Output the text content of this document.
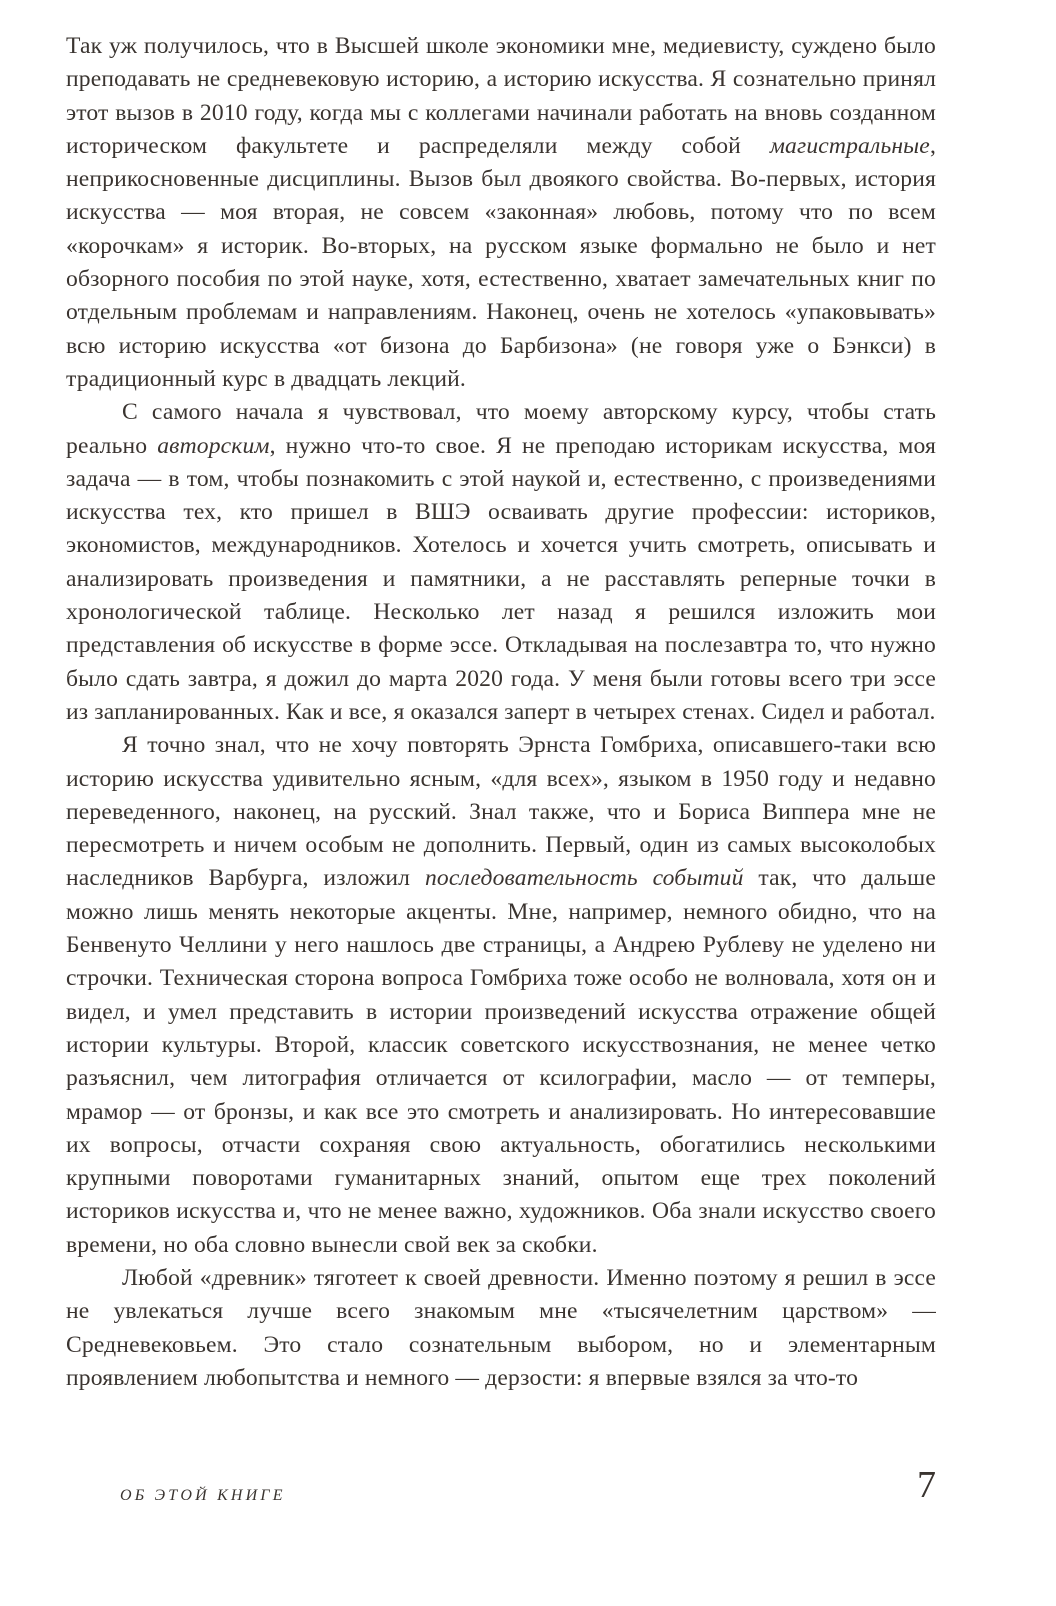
Так уж получилось, что в Высшей школе экономики мне, медиевисту, суждено было преподавать не средневековую историю, а историю искусства. Я сознательно принял этот вызов в 2010 году, когда мы с коллегами начинали работать на вновь созданном историческом факультете и распределяли между собой магистральные, неприкосновенные дисциплины. Вызов был двоякого свойства. Во-первых, история искусства — моя вторая, не совсем «законная» любовь, потому что по всем «корочкам» я историк. Во-вторых, на русском языке формально не было и нет обзорного пособия по этой науке, хотя, естественно, хватает замечательных книг по отдельным проблемам и направлениям. Наконец, очень не хотелось «упаковывать» всю историю искусства «от бизона до Барбизона» (не говоря уже о Бэнкси) в традиционный курс в двадцать лекций.

С самого начала я чувствовал, что моему авторскому курсу, чтобы стать реально авторским, нужно что-то свое. Я не преподаю историкам искусства, моя задача — в том, чтобы познакомить с этой наукой и, естественно, с произведениями искусства тех, кто пришел в ВШЭ осваивать другие профессии: историков, экономистов, международников. Хотелось и хочется учить смотреть, описывать и анализировать произведения и памятники, а не расставлять реперные точки в хронологической таблице. Несколько лет назад я решился изложить мои представления об искусстве в форме эссе. Откладывая на послезавтра то, что нужно было сдать завтра, я дожил до марта 2020 года. У меня были готовы всего три эссе из запланированных. Как и все, я оказался заперт в четырех стенах. Сидел и работал.

Я точно знал, что не хочу повторять Эрнста Гомбриха, описавшего-таки всю историю искусства удивительно ясным, «для всех», языком в 1950 году и недавно переведенного, наконец, на русский. Знал также, что и Бориса Виппера мне не пересмотреть и ничем особым не дополнить. Первый, один из самых высоколобых наследников Варбурга, изложил последовательность событий так, что дальше можно лишь менять некоторые акценты. Мне, например, немного обидно, что на Бенвенуто Челлини у него нашлось две страницы, а Андрею Рублеву не уделено ни строчки. Техническая сторона вопроса Гомбриха тоже особо не волновала, хотя он и видел, и умел представить в истории произведений искусства отражение общей истории культуры. Второй, классик советского искусствознания, не менее четко разъяснил, чем литография отличается от ксилографии, масло — от темперы, мрамор — от бронзы, и как все это смотреть и анализировать. Но интересовавшие их вопросы, отчасти сохраняя свою актуальность, обогатились несколькими крупными поворотами гуманитарных знаний, опытом еще трех поколений историков искусства и, что не менее важно, художников. Оба знали искусство своего времени, но оба словно вынесли свой век за скобки.

Любой «древник» тяготеет к своей древности. Именно поэтому я решил в эссе не увлекаться лучше всего знакомым мне «тысячелетним царством» — Средневековьем. Это стало сознательным выбором, но и элементарным проявлением любопытства и немного — дерзости: я впервые взялся за что-то

ОБ ЭТОЙ КНИГЕ	7
